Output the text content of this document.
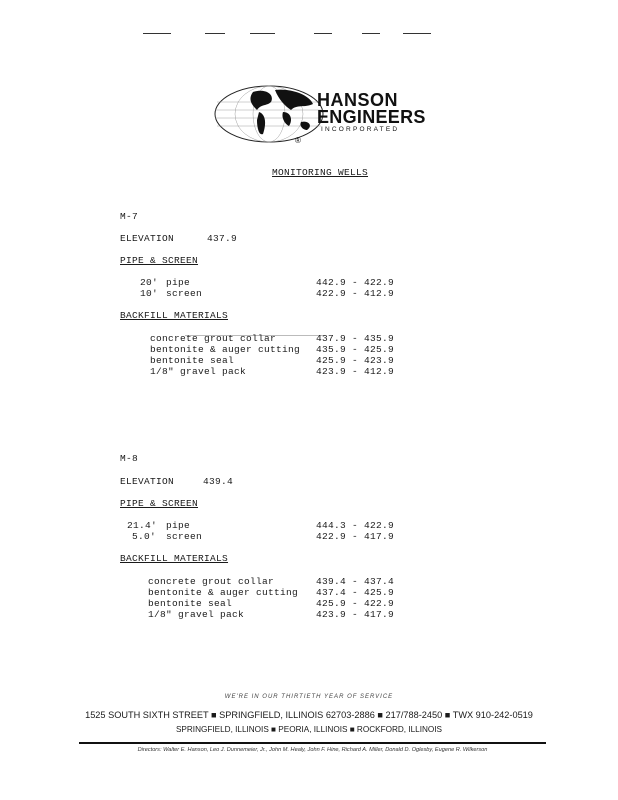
HANSON
ENGINEERS
INCORPORATED
®
MONITORING WELLS
M-7
ELEVATION	437.9
PIPE & SCREEN
20' pipe	442.9 - 422.9
10' screen	422.9 - 412.9
BACKFILL MATERIALS
concrete grout collar	437.9 - 435.9
bentonite & auger cutting 435.9 - 425.9
bentonite seal	425.9 - 423.9
1/8" gravel pack	423.9 - 412.9
M-8
ELEVATION	439.4
PIPE & SCREEN
21.4' pipe	444.3 - 422.9
5.0' screen	422.9 - 417.9
BACKFILL MATERIALS
concrete grout collar	439.4 - 437.4
bentonite & auger cutting 437.4 - 425.9
bentonite seal	425.9 - 422.9
1/8" gravel pack	423.9 - 417.9
WE'RE IN OUR THIRTIETH YEAR OF SERVICE
1525 SOUTH SIXTH STREET ■ SPRINGFIELD, ILLINOIS 62703-2886 ■ 217/788-2450 ■ TWX 910-242-0519
SPRINGFIELD, ILLINOIS ■ PEORIA, ILLINOIS ■ ROCKFORD, ILLINOIS
Directors: Walter E. Hanson, Leo J. Dunnemeier, Jr., John M. Healy, John F. Hine, Richard A. Miller, Donald D. Oglesby, Eugene R. Wilkerson
